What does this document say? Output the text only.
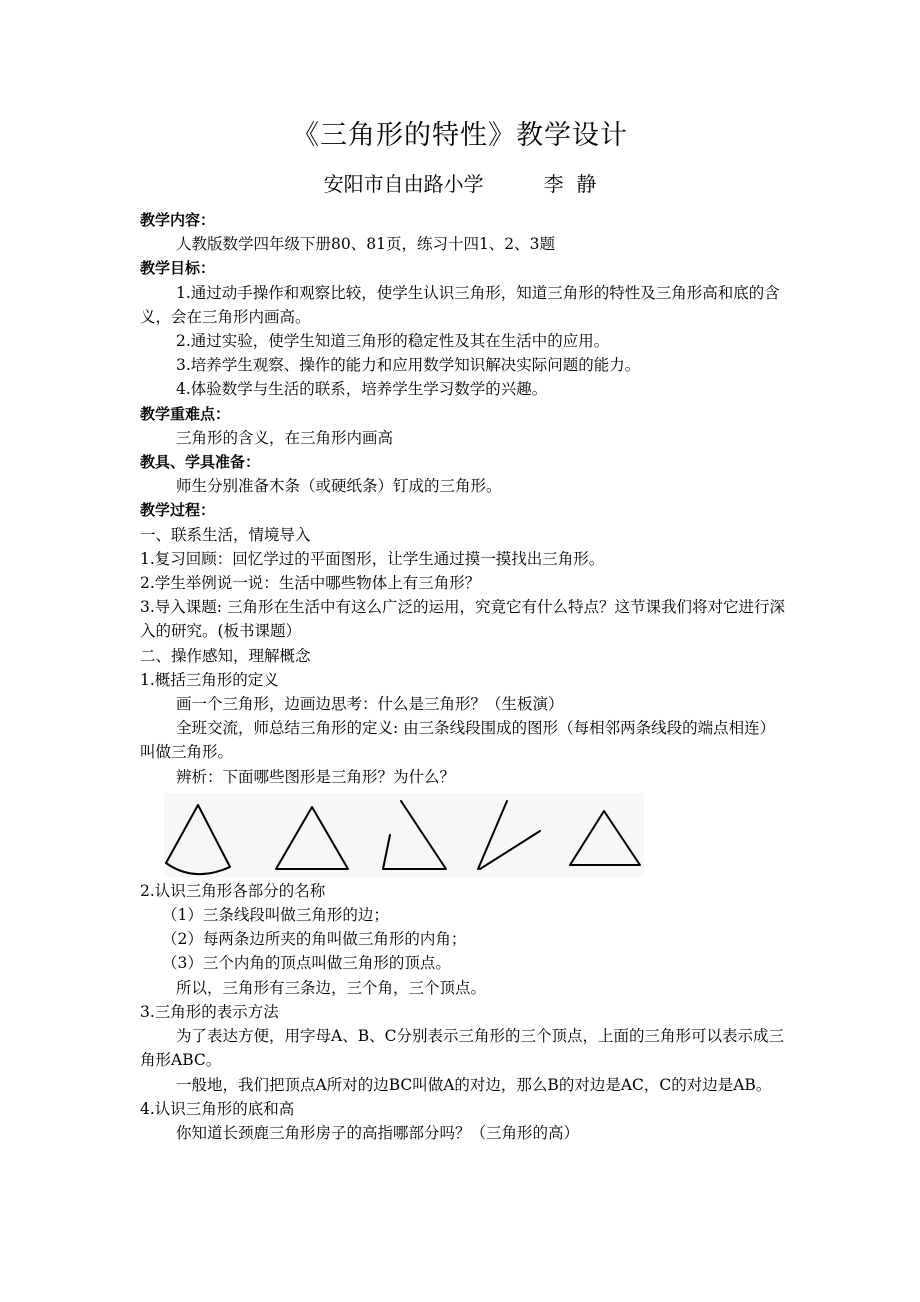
《三角形的特性》教学设计
安阳市自由路小学	李  静

教学内容：

人教版数学四年级下册80、81页，练习十四1、2、3题

教学目标：

1.通过动手操作和观察比较，使学生认识三角形，知道三角形的特性及三角形高和底的含义，会在三角形内画高。

2.通过实验，使学生知道三角形的稳定性及其在生活中的应用。

3.培养学生观察、操作的能力和应用数学知识解决实际问题的能力。

4.体验数学与生活的联系，培养学生学习数学的兴趣。

教学重难点：

三角形的含义，在三角形内画高

教具、学具准备：

师生分别准备木条（或硬纸条）钉成的三角形。

教学过程：

一、联系生活，情境导入

1.复习回顾：回忆学过的平面图形，让学生通过摸一摸找出三角形。

2.学生举例说一说：生活中哪些物体上有三角形？

3.导入课题: 三角形在生活中有这么广泛的运用，究竟它有什么特点？这节课我们将对它进行深入的研究。(板书课题）

二、操作感知，理解概念

1.概括三角形的定义

画一个三角形，边画边思考：什么是三角形？（生板演）

全班交流，师总结三角形的定义: 由三条线段围成的图形（每相邻两条线段的端点相连）叫做三角形。

辨析：下面哪些图形是三角形？为什么？

2.认识三角形各部分的名称

（1）三条线段叫做三角形的边；

（2）每两条边所夹的角叫做三角形的内角；

（3）三个内角的顶点叫做三角形的顶点。

所以，三角形有三条边，三个角，三个顶点。

3.三角形的表示方法

为了表达方便，用字母A、B、C分别表示三角形的三个顶点，上面的三角形可以表示成三角形ABC。

一般地，我们把顶点A所对的边BC叫做A的对边，那么B的对边是AC，C的对边是AB。

4.认识三角形的底和高

你知道长颈鹿三角形房子的高指哪部分吗？（三角形的高）
